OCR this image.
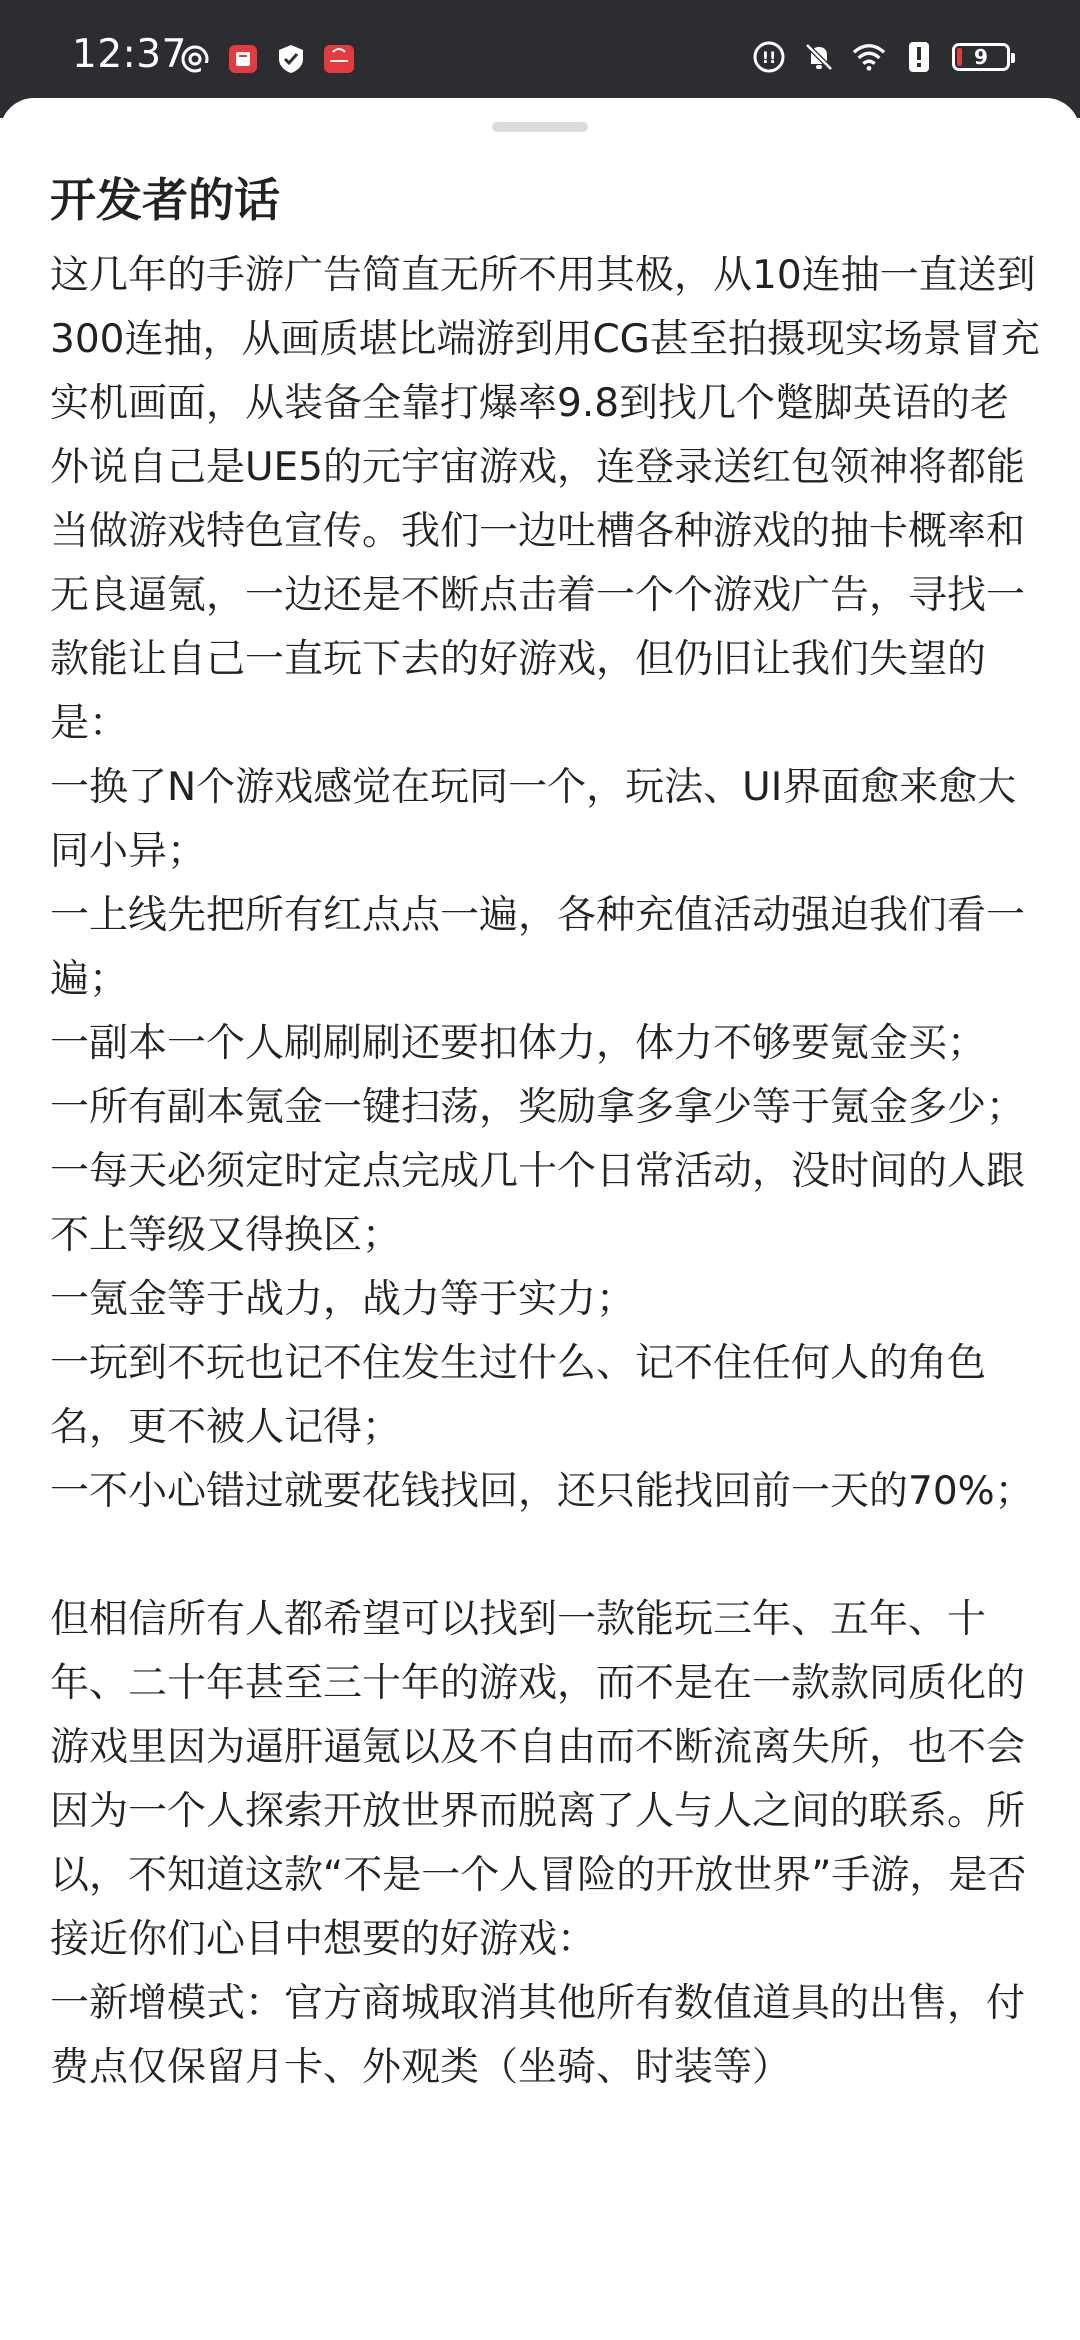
12:37	!!	9
开发者的话

这几年的手游广告简直无所不用其极，从10连抽一直送到300连抽，从画质堪比端游到用CG甚至拍摄现实场景冒充实机画面，从装备全靠打爆率9.8到找几个蹩脚英语的老外说自己是UE5的元宇宙游戏，连登录送红包领神将都能当做游戏特色宣传。我们一边吐槽各种游戏的抽卡概率和无良逼氪，一边还是不断点击着一个个游戏广告，寻找一款能让自己一直玩下去的好游戏，但仍旧让我们失望的是：

一换了N个游戏感觉在玩同一个，玩法、UI界面愈来愈大同小异；

一上线先把所有红点点一遍，各种充值活动强迫我们看一遍；

一副本一个人刷刷刷还要扣体力，体力不够要氪金买；

一所有副本氪金一键扫荡，奖励拿多拿少等于氪金多少；

一每天必须定时定点完成几十个日常活动，没时间的人跟不上等级又得换区；

一氪金等于战力，战力等于实力；

一玩到不玩也记不住发生过什么、记不住任何人的角色名，更不被人记得；

一不小心错过就要花钱找回，还只能找回前一天的70%；

但相信所有人都希望可以找到一款能玩三年、五年、十年、二十年甚至三十年的游戏，而不是在一款款同质化的游戏里因为逼肝逼氪以及不自由而不断流离失所，也不会因为一个人探索开放世界而脱离了人与人之间的联系。所以，不知道这款“不是一个人冒险的开放世界”手游，是否接近你们心目中想要的好游戏：

一新增模式：官方商城取消其他所有数值道具的出售，付费点仅保留月卡、外观类（坐骑、时装等）
